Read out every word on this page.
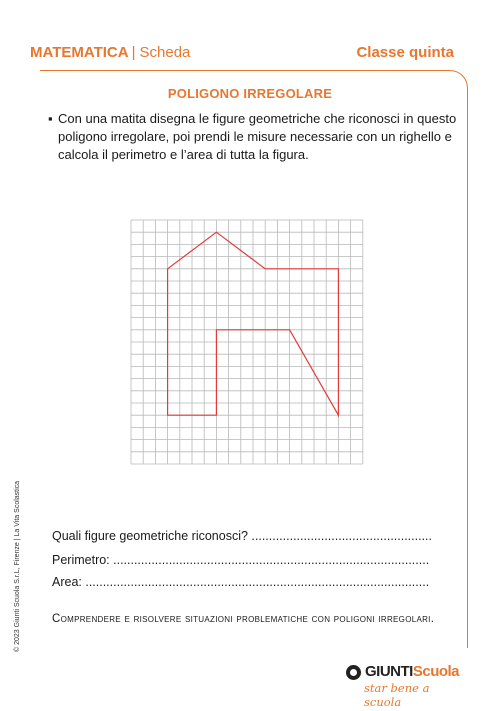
MATEMATICA | Scheda	Classe quinta
POLIGONO IRREGOLARE
▪ Con una matita disegna le figure geometriche che riconosci in questo poligono irregolare, poi prendi le misure necessarie con un righello e calcola il perimetro e l’area di tutta la figura.
Quali figure geometriche riconosci? ....................................................
Perimetro: ...........................................................................................
Area: ...................................................................................................
Comprendere e risolvere situazioni problematiche con poligoni irregolari.
© 2023 Giunti Scuola S.r.L, Firenze | La Vita Scolastica
GIUNTIScuola
star bene a scuola
